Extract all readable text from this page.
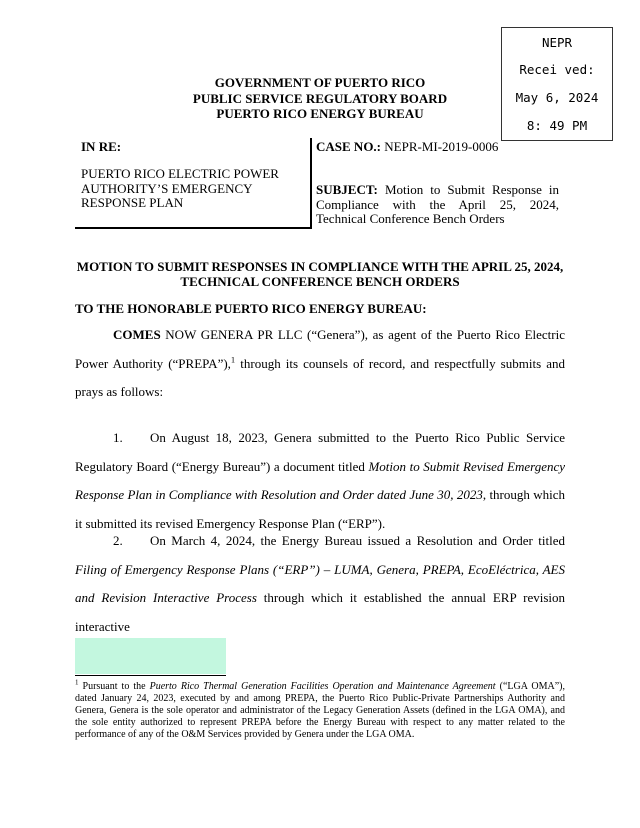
NEPR
Recei ved:
May 6, 2024
8: 49 PM
GOVERNMENT OF PUERTO RICO
PUBLIC SERVICE REGULATORY BOARD
PUERTO RICO ENERGY BUREAU
IN RE:
PUERTO RICO ELECTRIC POWER AUTHORITY’S EMERGENCY RESPONSE PLAN
CASE NO.: NEPR-MI-2019-0006
SUBJECT: Motion to Submit Response in Compliance with the April 25, 2024, Technical Conference Bench Orders
MOTION TO SUBMIT RESPONSES IN COMPLIANCE WITH THE APRIL 25, 2024,
TECHNICAL CONFERENCE BENCH ORDERS
TO THE HONORABLE PUERTO RICO ENERGY BUREAU:

COMES NOW GENERA PR LLC (“Genera”), as agent of the Puerto Rico Electric Power Authority (“PREPA”),$^1$ through its counsels of record, and respectfully submits and prays as follows:

1. On August 18, 2023, Genera submitted to the Puerto Rico Public Service Regulatory Board (“Energy Bureau”) a document titled Motion to Submit Revised Emergency Response Plan in Compliance with Resolution and Order dated June 30, 2023, through which it submitted its revised Emergency Response Plan (“ERP”).

2. On March 4, 2024, the Energy Bureau issued a Resolution and Order titled Filing of Emergency Response Plans (“ERP”) – LUMA, Genera, PREPA, EcoEléctrica, AES and Revision Interactive Process through which it established the annual ERP revision interactive

$^1$ Pursuant to the Puerto Rico Thermal Generation Facilities Operation and Maintenance Agreement (“LGA OMA”), dated January 24, 2023, executed by and among PREPA, the Puerto Rico Public-Private Partnerships Authority and Genera, Genera is the sole operator and administrator of the Legacy Generation Assets (defined in the LGA OMA), and the sole entity authorized to represent PREPA before the Energy Bureau with respect to any matter related to the performance of any of the O&M Services provided by Genera under the LGA OMA.
